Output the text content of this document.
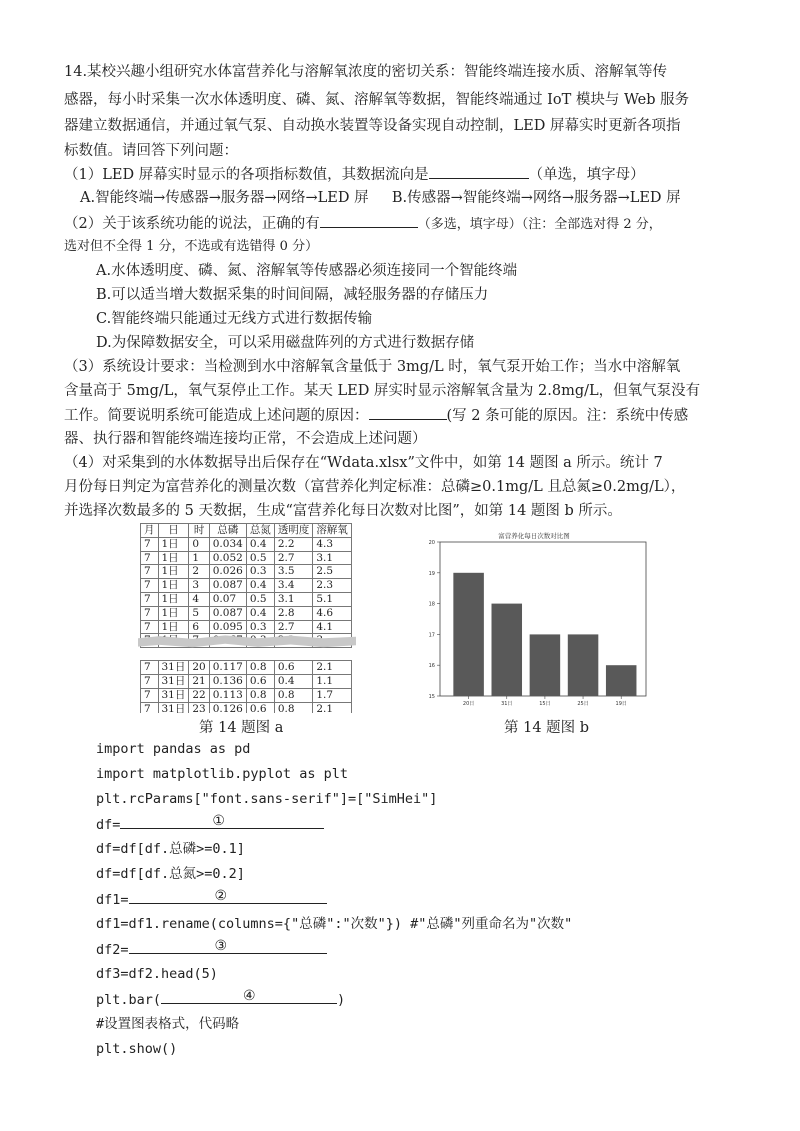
14.某校兴趣小组研究水体富营养化与溶解氧浓度的密切关系：智能终端连接水质、溶解氧等传
感器，每小时采集一次水体透明度、磷、氮、溶解氧等数据，智能终端通过 IoT 模块与 Web 服务
器建立数据通信，并通过氧气泵、自动换水装置等设备实现自动控制，LED 屏幕实时更新各项指
标数值。请回答下列问题：
（1）LED 屏幕实时显示的各项指标数值，其数据流向是	（单选，填字母）
A.智能终端→传感器→服务器→网络→LED 屏 B.传感器→智能终端→网络→服务器→LED 屏
（2）关于该系统功能的说法，正确的有	（多选，填字母）（注：全部选对得 2 分，
选对但不全得 1 分，不选或有选错得 0 分）
A.水体透明度、磷、氮、溶解氧等传感器必须连接同一个智能终端
B.可以适当增大数据采集的时间间隔，减轻服务器的存储压力
C.智能终端只能通过无线方式进行数据传输
D.为保障数据安全，可以采用磁盘阵列的方式进行数据存储
（3）系统设计要求：当检测到水中溶解氧含量低于 3mg/L 时，氧气泵开始工作；当水中溶解氧
含量高于 5mg/L，氧气泵停止工作。某天 LED 屏实时显示溶解氧含量为 2.8mg/L，但氧气泵没有
工作。简要说明系统可能造成上述问题的原因：	(写 2 条可能的原因。注：系统中传感
器、执行器和智能终端连接均正常，不会造成上述问题）
（4）对采集到的水体数据导出后保存在“Wdata.xlsx”文件中，如第 14 题图 a 所示。统计 7
月份每日判定为富营养化的测量次数（富营养化判定标准：总磷≥0.1mg/L 且总氮≥0.2mg/L），
并选择次数最多的 5 天数据，生成“富营养化每日次数对比图”，如第 14 题图 b 所示。
月	日	时	总磷	总氮	透明度	溶解氧
7	1日	0	0.034	0.4	2.2	4.3
7	1日	1	0.052	0.5	2.7	3.1
7	1日	2	0.026	0.3	3.5	2.5
7	1日	3	0.087	0.4	3.4	2.3
7	1日	4	0.07	0.5	3.1	5.1
7	1日	5	0.087	0.4	2.8	4.6
7	1日	6	0.095	0.3	2.7	4.1

7	31日	20	0.117	0.8	0.6	2.1
7	31日	21	0.136	0.6	0.4	1.1
7	31日	22	0.113	0.8	0.8	1.7
7	31日	23	0.126	0.6	0.8	2.1

第 14 题图 a
富营养化每日次数对比图
15
16
17
18
19
20
20日	31日	15日	25日	19日
第 14 题图 b
import pandas as pd
import matplotlib.pyplot as plt
plt.rcParams["font.sans-serif"]=["SimHei"]
df=	①
df=df[df.总磷>=0.1]
df=df[df.总氮>=0.2]
df1=	②
df1=df1.rename(columns={"总磷":"次数"}) #"总磷"列重命名为"次数"
df2=	③
df3=df2.head(5)
plt.bar(	④	)
#设置图表格式，代码略
plt.show()
